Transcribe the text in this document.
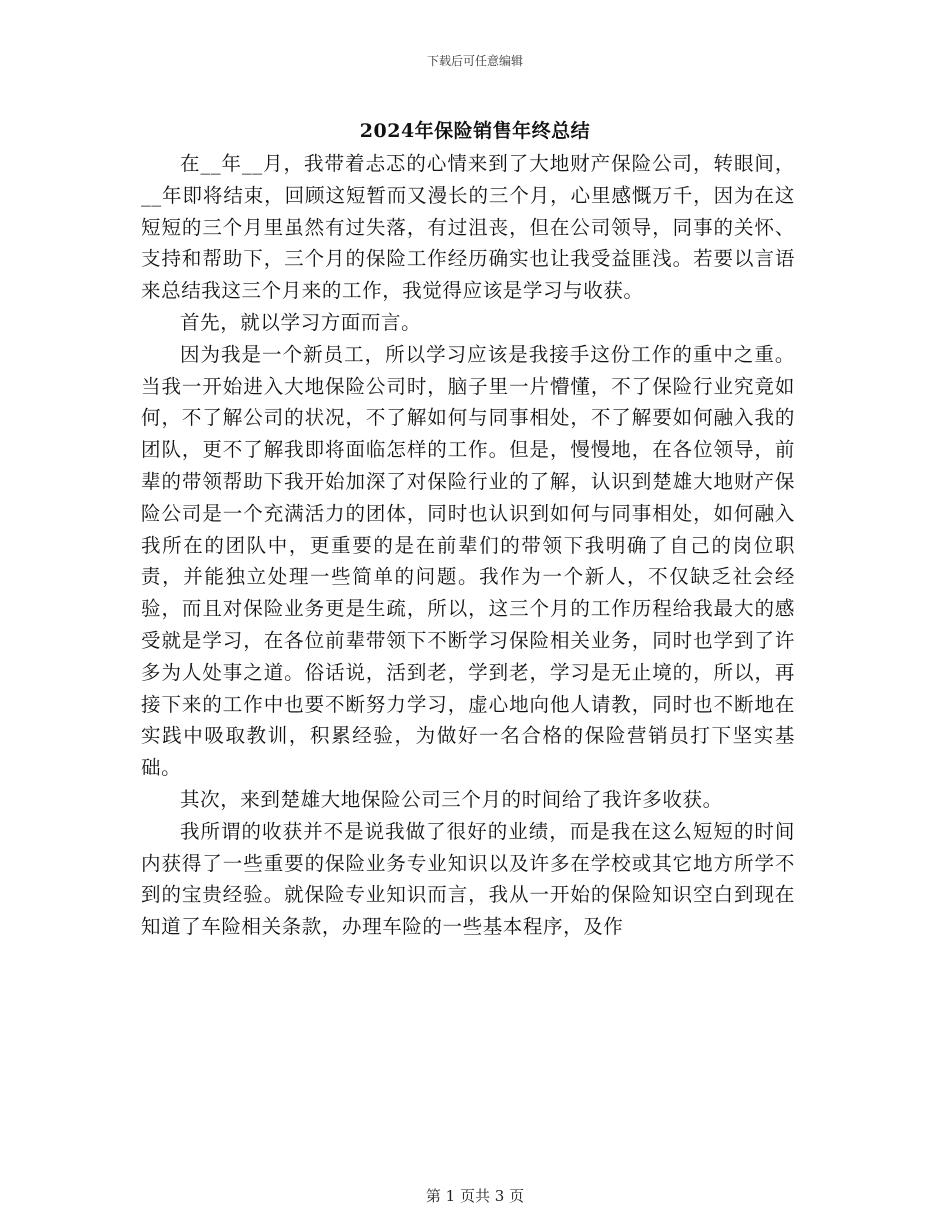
下载后可任意编辑
2024年保险销售年终总结

在__年__月，我带着忐忑的心情来到了大地财产保险公司，转眼间，__年即将结束，回顾这短暂而又漫长的三个月，心里感慨万千，因为在这短短的三个月里虽然有过失落，有过沮丧，但在公司领导，同事的关怀、支持和帮助下，三个月的保险工作经历确实也让我受益匪浅。若要以言语来总结我这三个月来的工作，我觉得应该是学习与收获。

首先，就以学习方面而言。

因为我是一个新员工，所以学习应该是我接手这份工作的重中之重。当我一开始进入大地保险公司时，脑子里一片懵懂，不了保险行业究竟如何，不了解公司的状况，不了解如何与同事相处，不了解要如何融入我的团队，更不了解我即将面临怎样的工作。但是，慢慢地，在各位领导，前辈的带领帮助下我开始加深了对保险行业的了解，认识到楚雄大地财产保险公司是一个充满活力的团体，同时也认识到如何与同事相处，如何融入我所在的团队中，更重要的是在前辈们的带领下我明确了自己的岗位职责，并能独立处理一些简单的问题。我作为一个新人，不仅缺乏社会经验，而且对保险业务更是生疏，所以，这三个月的工作历程给我最大的感受就是学习，在各位前辈带领下不断学习保险相关业务，同时也学到了许多为人处事之道。俗话说，活到老，学到老，学习是无止境的，所以，再接下来的工作中也要不断努力学习，虚心地向他人请教，同时也不断地在实践中吸取教训，积累经验，为做好一名合格的保险营销员打下坚实基础。

其次，来到楚雄大地保险公司三个月的时间给了我许多收获。

我所谓的收获并不是说我做了很好的业绩，而是我在这么短短的时间内获得了一些重要的保险业务专业知识以及许多在学校或其它地方所学不到的宝贵经验。就保险专业知识而言，我从一开始的保险知识空白到现在知道了车险相关条款，办理车险的一些基本程序，及作

第 1 页共 3 页
